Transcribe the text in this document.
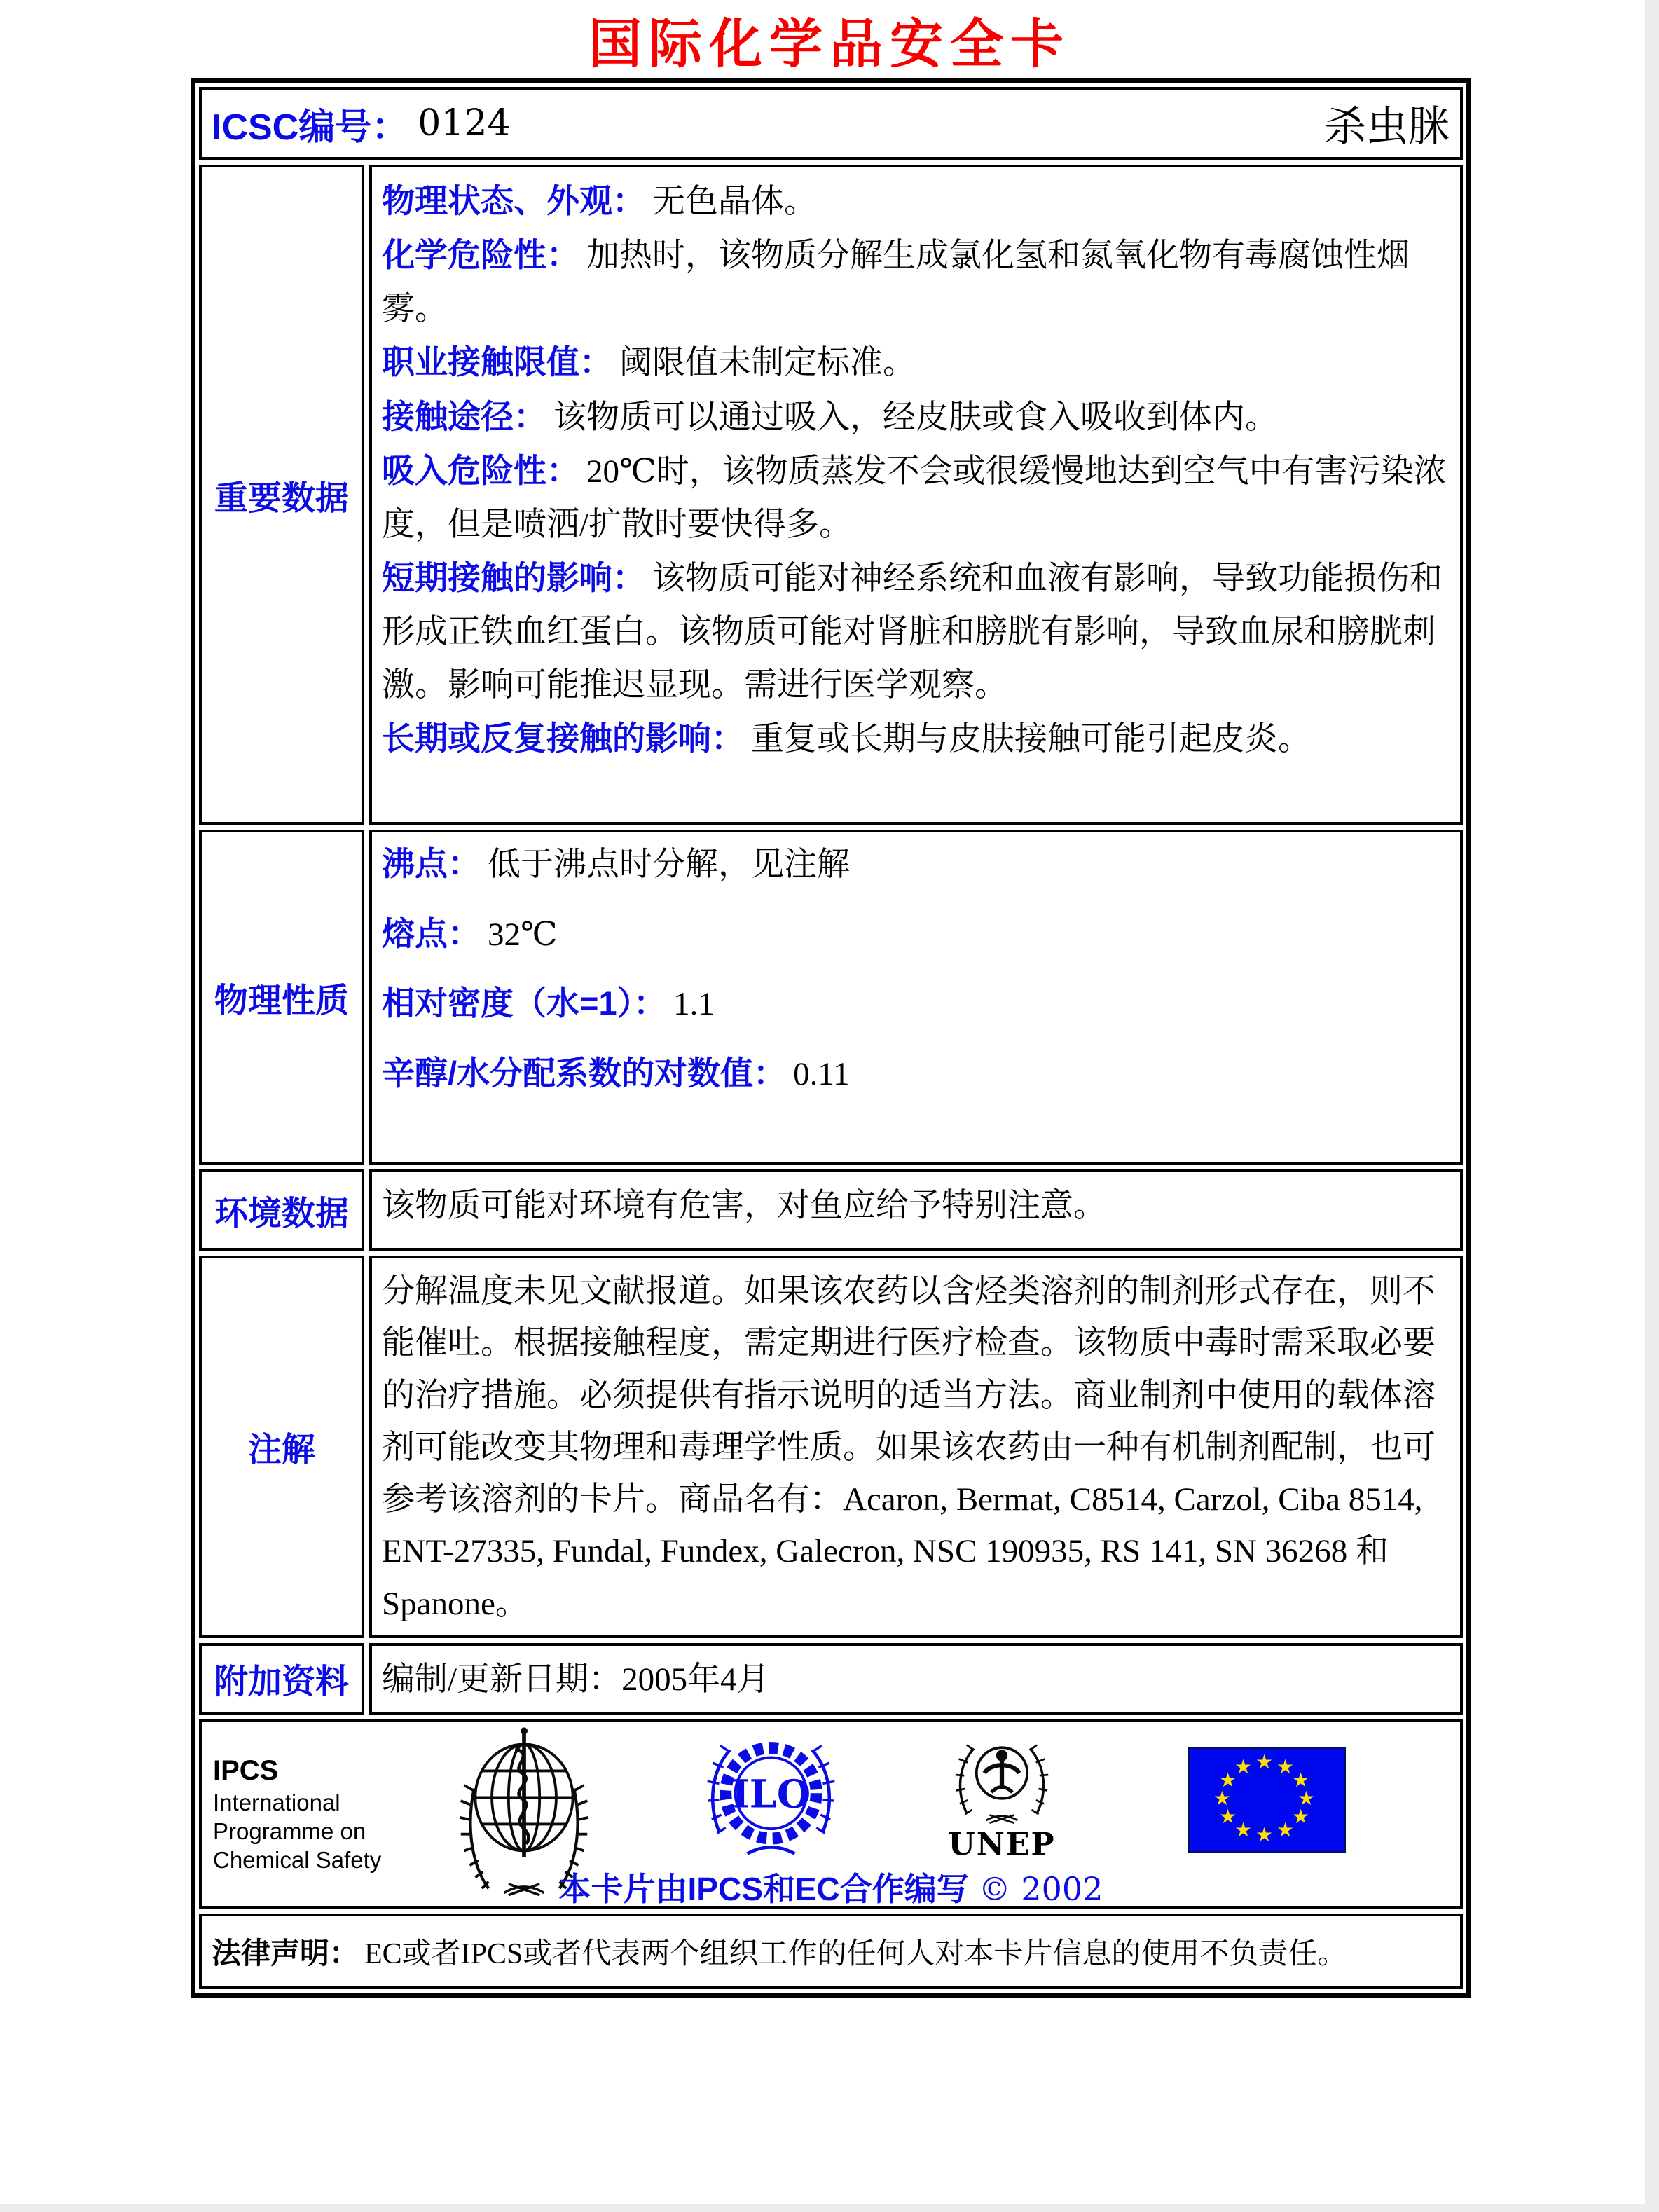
国际化学品安全卡
ICSC编号： 0124	杀虫脒
重要数据

物理状态、外观： 无色晶体。

化学危险性： 加热时，该物质分解生成氯化氢和氮氧化物有毒腐蚀性烟雾。

职业接触限值： 阈限值未制定标准。

接触途径： 该物质可以通过吸入，经皮肤或食入吸收到体内。

吸入危险性： 20℃时，该物质蒸发不会或很缓慢地达到空气中有害污染浓度，但是喷洒/扩散时要快得多。

短期接触的影响： 该物质可能对神经系统和血液有影响，导致功能损伤和形成正铁血红蛋白。该物质可能对肾脏和膀胱有影响，导致血尿和膀胱刺激。影响可能推迟显现。需进行医学观察。

长期或反复接触的影响： 重复或长期与皮肤接触可能引起皮炎。

物理性质

沸点： 低于沸点时分解，见注解

熔点： 32℃

相对密度（水=1）： 1.1

辛醇/水分配系数的对数值： 0.11

环境数据 该物质可能对环境有危害，对鱼应给予特别注意。

注解

分解温度未见文献报道。如果该农药以含烃类溶剂的制剂形式存在，则不能催吐。根据接触程度，需定期进行医疗检查。该物质中毒时需采取必要的治疗措施。必须提供有指示说明的适当方法。商业制剂中使用的载体溶剂可能改变其物理和毒理学性质。如果该农药由一种有机制剂配制，也可参考该溶剂的卡片。商品名有：Acaron, Bermat, C8514, Carzol, Ciba 8514, ENT-27335, Fundal, Fundex, Galecron, NSC 190935, RS 141, SN 36268 和 Spanone。

附加资料 编制/更新日期：2005年4月

IPCS
International
Programme on
Chemical Safety
ILO
UNEP
★ ★
★
★
★
★
★
★
★
★
★
★
本卡片由IPCS和EC合作编写 © 2002

法律声明： EC或者IPCS或者代表两个组织工作的任何人对本卡片信息的使用不负责任。
